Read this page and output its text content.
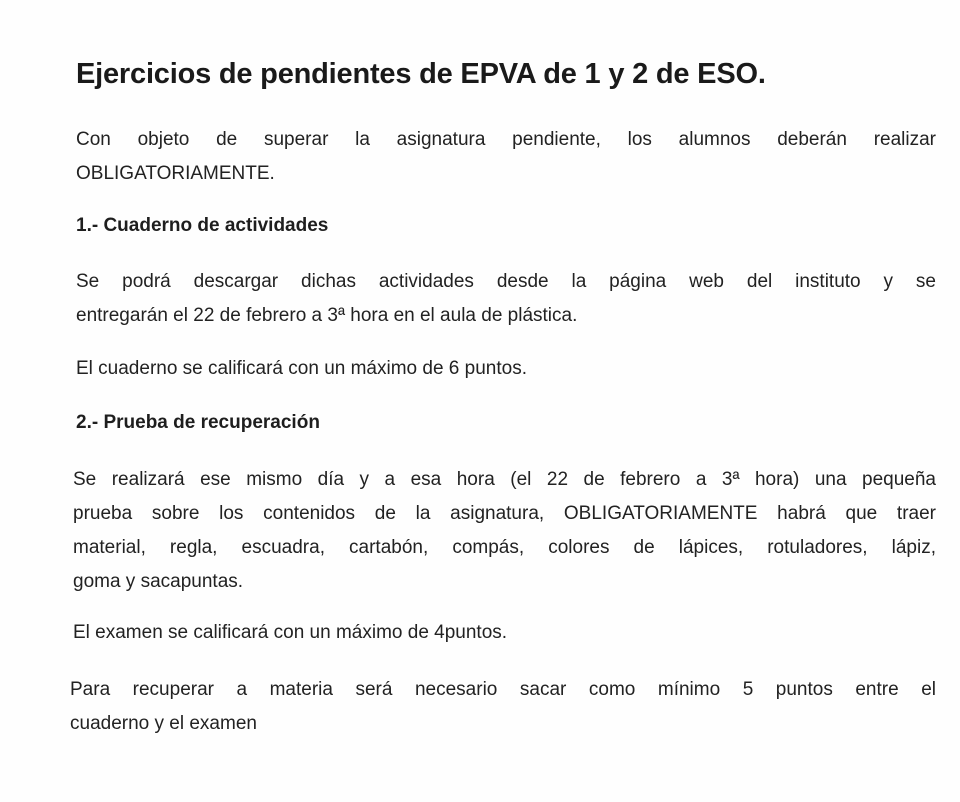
Ejercicios de pendientes de EPVA de 1 y 2 de ESO.
Con objeto de superar la asignatura pendiente, los alumnos deberán realizar
OBLIGATORIAMENTE.
1.- Cuaderno de actividades
Se podrá descargar dichas actividades desde la página web del instituto y se
entregarán el 22 de febrero a 3ª hora en el aula de plástica.
El cuaderno se calificará con un máximo de 6 puntos.
2.- Prueba de recuperación
Se realizará ese mismo día y a esa hora (el 22 de febrero a 3ª hora) una pequeña
prueba sobre los contenidos de la asignatura, OBLIGATORIAMENTE habrá que traer
material, regla, escuadra, cartabón, compás, colores de lápices, rotuladores, lápiz,
goma y sacapuntas.
El examen se calificará con un máximo de 4puntos.
Para recuperar a materia será necesario sacar como mínimo 5 puntos entre el
cuaderno y el examen
